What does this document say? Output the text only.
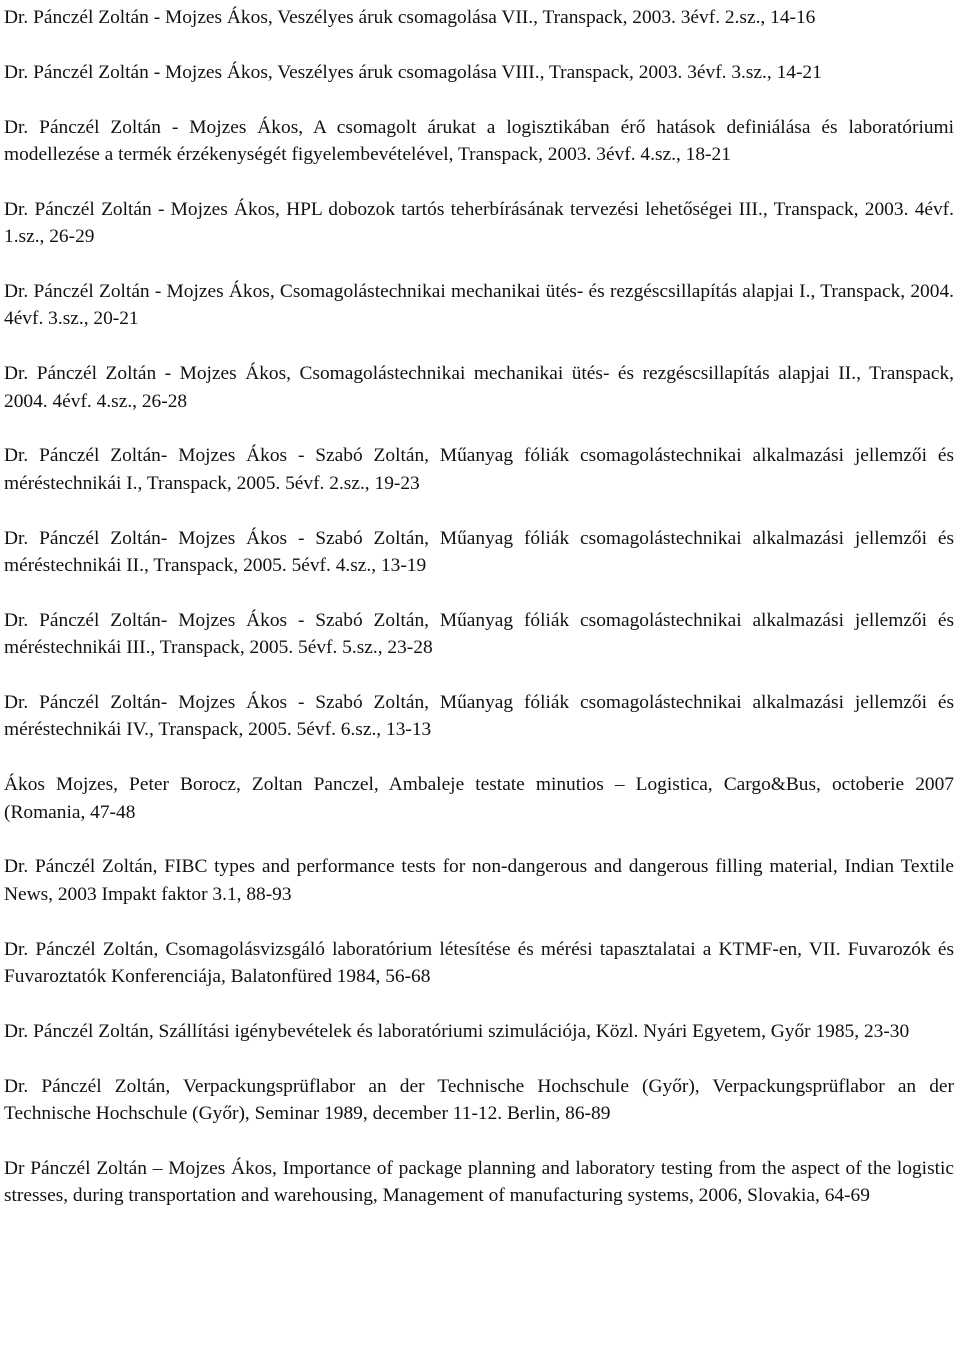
Dr. Pánczél Zoltán - Mojzes Ákos, Veszélyes áruk csomagolása VII., Transpack, 2003. 3évf. 2.sz., 14-16

Dr. Pánczél Zoltán - Mojzes Ákos, Veszélyes áruk csomagolása VIII., Transpack, 2003. 3évf. 3.sz., 14-21

Dr. Pánczél Zoltán - Mojzes Ákos, A csomagolt árukat a logisztikában érő hatások definiálása és laboratóriumi modellezése a termék érzékenységét figyelembevételével, Transpack, 2003. 3évf. 4.sz., 18-21

Dr. Pánczél Zoltán - Mojzes Ákos, HPL dobozok tartós teherbírásának tervezési lehetőségei III., Transpack, 2003. 4évf. 1.sz., 26-29

Dr. Pánczél Zoltán - Mojzes Ákos, Csomagolástechnikai mechanikai ütés- és rezgéscsillapítás alapjai I., Transpack, 2004. 4évf. 3.sz., 20-21

Dr. Pánczél Zoltán - Mojzes Ákos, Csomagolástechnikai mechanikai ütés- és rezgéscsillapítás alapjai II., Transpack, 2004. 4évf. 4.sz., 26-28

Dr. Pánczél Zoltán- Mojzes Ákos - Szabó Zoltán, Műanyag fóliák csomagolástechnikai alkalmazási jellemzői és méréstechnikái I., Transpack, 2005. 5évf. 2.sz., 19-23

Dr. Pánczél Zoltán- Mojzes Ákos - Szabó Zoltán, Műanyag fóliák csomagolástechnikai alkalmazási jellemzői és méréstechnikái II., Transpack, 2005. 5évf. 4.sz., 13-19

Dr. Pánczél Zoltán- Mojzes Ákos - Szabó Zoltán, Műanyag fóliák csomagolástechnikai alkalmazási jellemzői és méréstechnikái III., Transpack, 2005. 5évf. 5.sz., 23-28

Dr. Pánczél Zoltán- Mojzes Ákos - Szabó Zoltán, Műanyag fóliák csomagolástechnikai alkalmazási jellemzői és méréstechnikái IV., Transpack, 2005. 5évf. 6.sz., 13-13

Ákos Mojzes, Peter Borocz, Zoltan Panczel, Ambaleje testate minutios – Logistica, Cargo&Bus, octoberie 2007 (Romania, 47-48

Dr. Pánczél Zoltán, FIBC types and performance tests for non-dangerous and dangerous filling material, Indian Textile News, 2003 Impakt faktor 3.1, 88-93

Dr. Pánczél Zoltán, Csomagolásvizsgáló laboratórium létesítése és mérési tapasztalatai a KTMF-en, VII. Fuvarozók és Fuvaroztatók Konferenciája, Balatonfüred 1984, 56-68

Dr. Pánczél Zoltán, Szállítási igénybevételek és laboratóriumi szimulációja, Közl. Nyári Egyetem, Győr 1985, 23-30

Dr. Pánczél Zoltán, Verpackungsprüflabor an der Technische Hochschule (Győr), Verpackungsprüflabor an der Technische Hochschule (Győr), Seminar 1989, december 11-12. Berlin, 86-89

Dr Pánczél Zoltán – Mojzes Ákos, Importance of package planning and laboratory testing from the aspect of the logistic stresses, during transportation and warehousing, Management of manufacturing systems, 2006, Slovakia, 64-69
